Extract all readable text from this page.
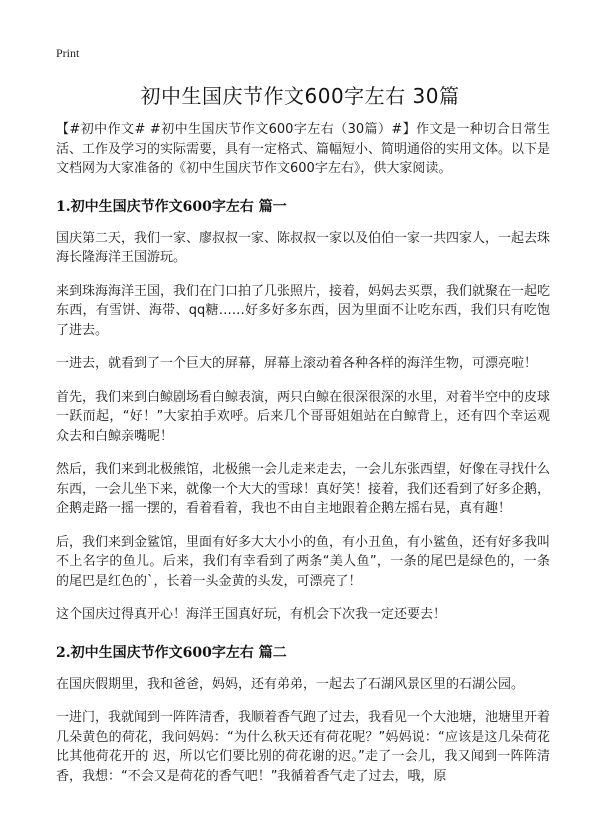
Print
初中生国庆节作文600字左右 30篇

【#初中作文# #初中生国庆节作文600字左右（30篇）#】作文是一种切合日常生活、工作及学习的实际需要，具有一定格式、篇幅短小、简明通俗的实用文体。以下是文档网为大家准备的《初中生国庆节作文600字左右》，供大家阅读。

1.初中生国庆节作文600字左右 篇一

国庆第二天，我们一家、廖叔叔一家、陈叔叔一家以及伯伯一家一共四家人，一起去珠海长隆海洋王国游玩。

来到珠海海洋王国，我们在门口拍了几张照片，接着，妈妈去买票，我们就聚在一起吃东西，有雪饼、海带、qq糖……好多好多东西，因为里面不让吃东西，我们只有吃饱了进去。

一进去，就看到了一个巨大的屏幕，屏幕上滚动着各种各样的海洋生物，可漂亮啦！

首先，我们来到白鲸剧场看白鲸表演，两只白鲸在很深很深的水里，对着半空中的皮球一跃而起，“好！”大家拍手欢呼。后来几个哥哥姐姐站在白鲸背上，还有四个幸运观众去和白鲸亲嘴呢！

然后，我们来到北极熊馆，北极熊一会儿走来走去，一会儿东张西望，好像在寻找什么东西，一会儿坐下来，就像一个大大的雪球！真好笑！接着，我们还看到了好多企鹅，企鹅走路一摇一摆的，看着看着，我也不由自主地跟着企鹅左摇右晃，真有趣！

后，我们来到金鲨馆，里面有好多大大小小的鱼，有小丑鱼，有小鲨鱼，还有好多我叫不上名字的鱼儿。后来，我们有幸看到了两条“美人鱼”，一条的尾巴是绿色的，一条的尾巴是红色的`，长着一头金黄的头发，可漂亮了！

这个国庆过得真开心！海洋王国真好玩，有机会下次我一定还要去！

2.初中生国庆节作文600字左右 篇二

在国庆假期里，我和爸爸，妈妈，还有弟弟，一起去了石湖风景区里的石湖公园。

一进门，我就闻到一阵阵清香，我顺着香气跑了过去，我看见一个大池塘，池塘里开着几朵黄色的荷花，我问妈妈：“为什么秋天还有荷花呢？”妈妈说：“应该是这几朵荷花比其他荷花开的 迟，所以它们要比别的荷花谢的迟。”走了一会儿，我又闻到一阵阵清香，我想：“不会又是荷花的香气吧！”我循着香气走了过去，哦，原
